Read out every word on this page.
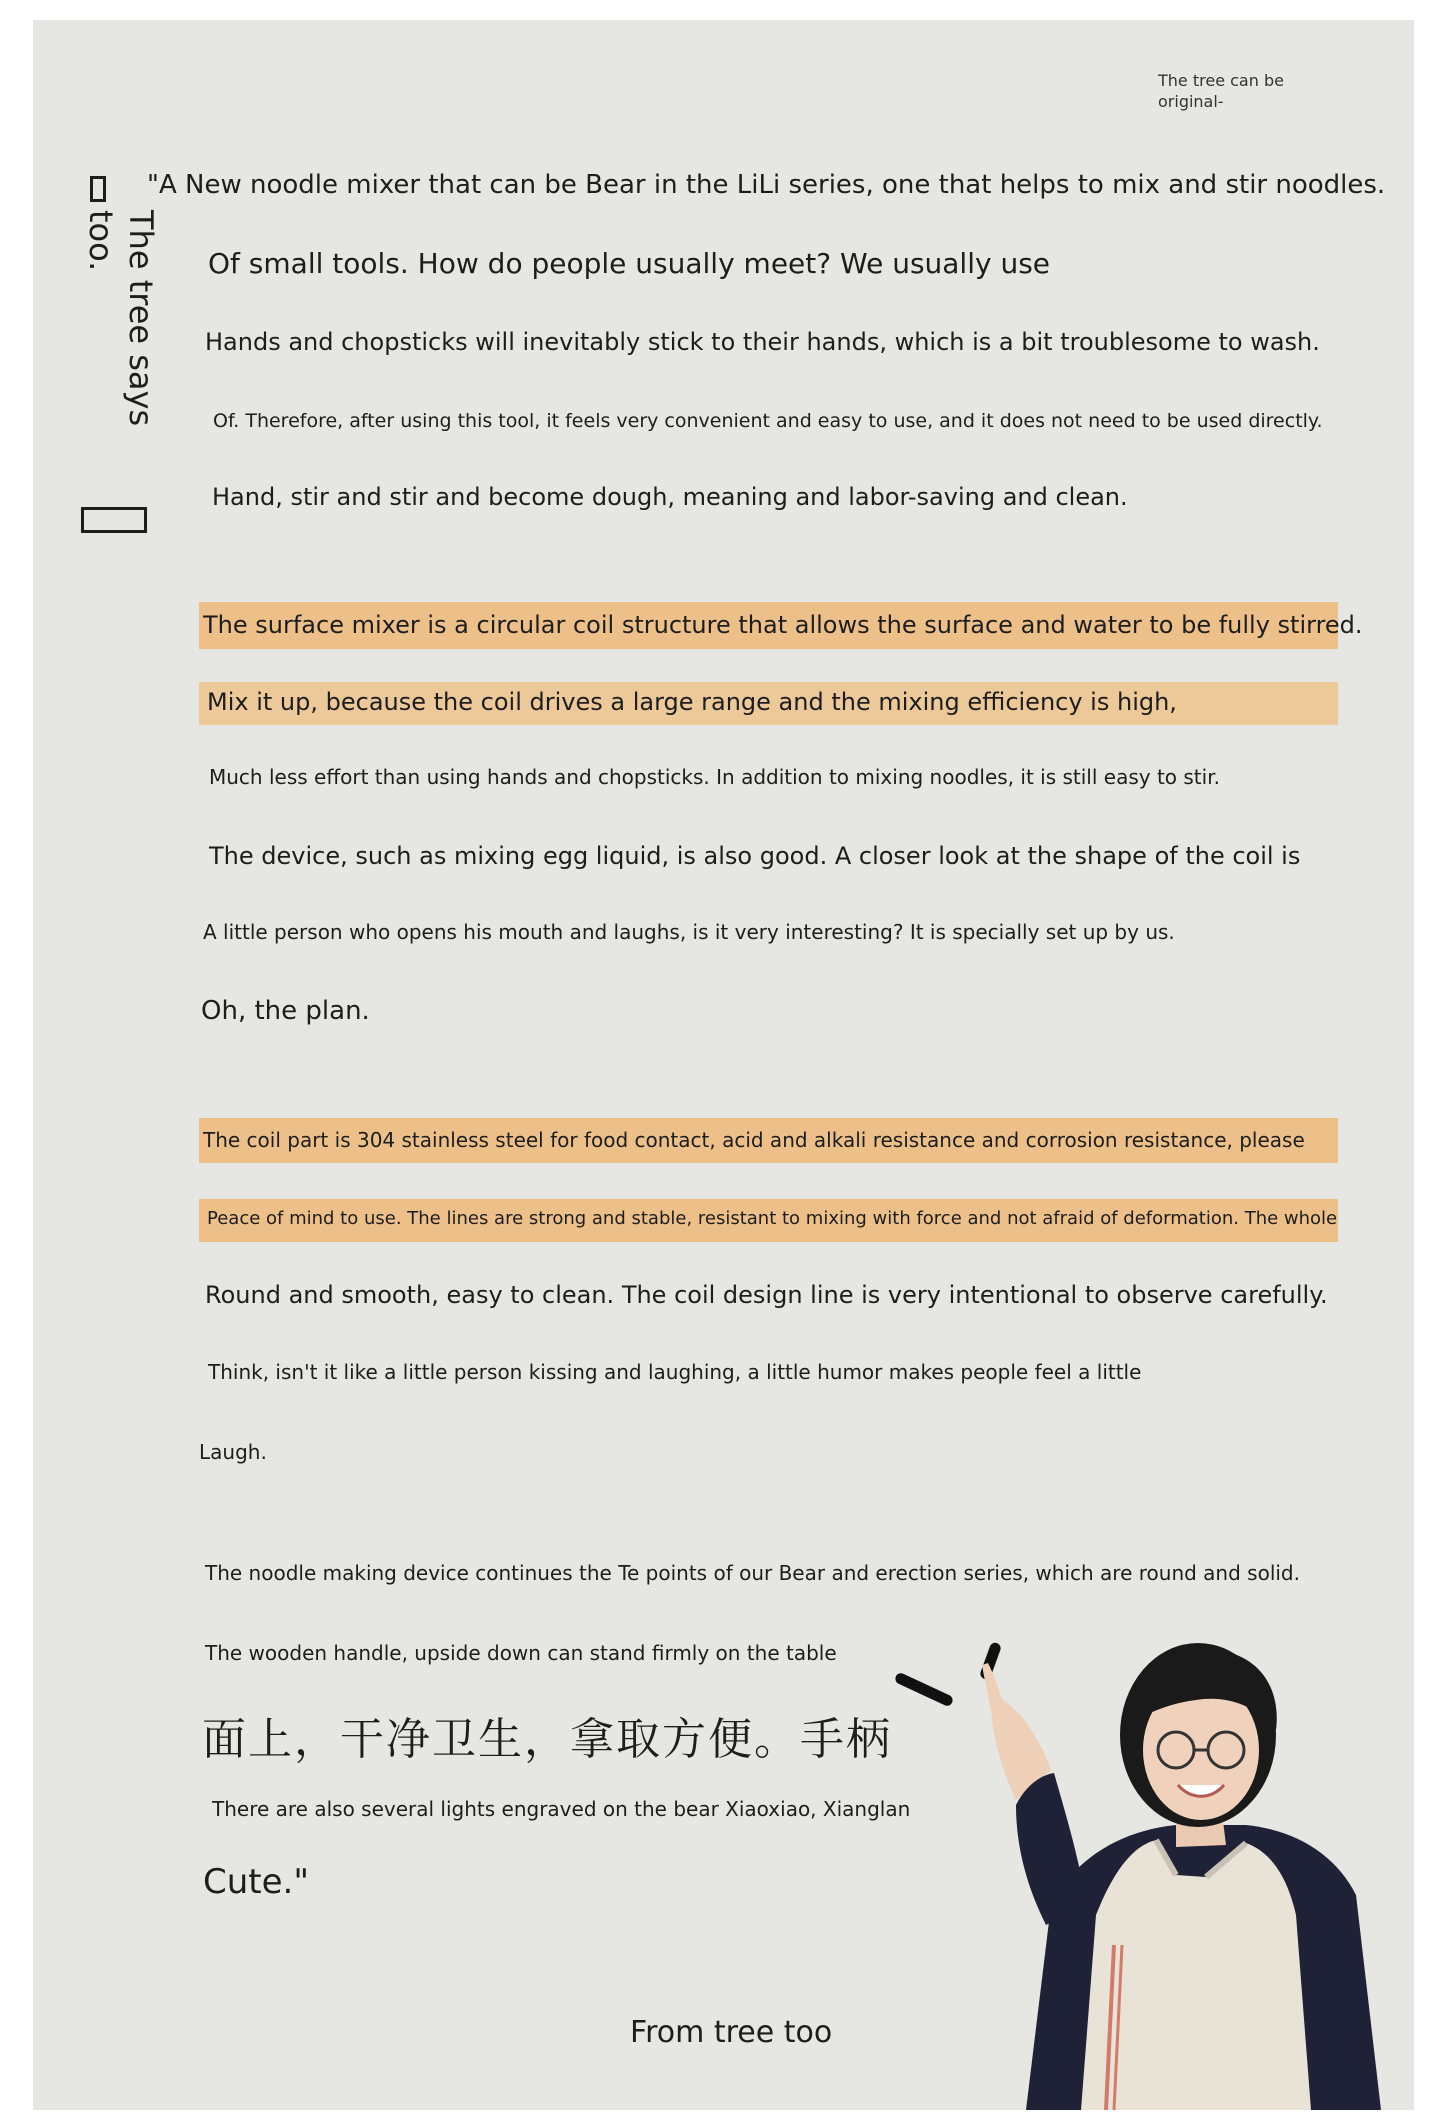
The tree can be original-
The tree says too.
"A New noodle mixer that can be Bear in the LiLi series, one that helps to mix and stir noodles.
Of small tools. How do people usually meet? We usually use
Hands and chopsticks will inevitably stick to their hands, which is a bit troublesome to wash.
Of. Therefore, after using this tool, it feels very convenient and easy to use, and it does not need to be used directly.
Hand, stir and stir and become dough, meaning and labor-saving and clean.
The surface mixer is a circular coil structure that allows the surface and water to be fully stirred.
Mix it up, because the coil drives a large range and the mixing efficiency is high,
Much less effort than using hands and chopsticks. In addition to mixing noodles, it is still easy to stir.
The device, such as mixing egg liquid, is also good. A closer look at the shape of the coil is
A little person who opens his mouth and laughs, is it very interesting? It is specially set up by us.
Oh, the plan.
The coil part is 304 stainless steel for food contact, acid and alkali resistance and corrosion resistance, please
Peace of mind to use. The lines are strong and stable, resistant to mixing with force and not afraid of deformation. The whole
Round and smooth, easy to clean. The coil design line is very intentional to observe carefully.
Think, isn't it like a little person kissing and laughing, a little humor makes people feel a little
Laugh.
The noodle making device continues the Te points of our Bear and erection series, which are round and solid.
The wooden handle, upside down can stand firmly on the table
面上，干净卫生，拿取方便。手柄
There are also several lights engraved on the bear Xiaoxiao, Xianglan
Cute."
From tree too
